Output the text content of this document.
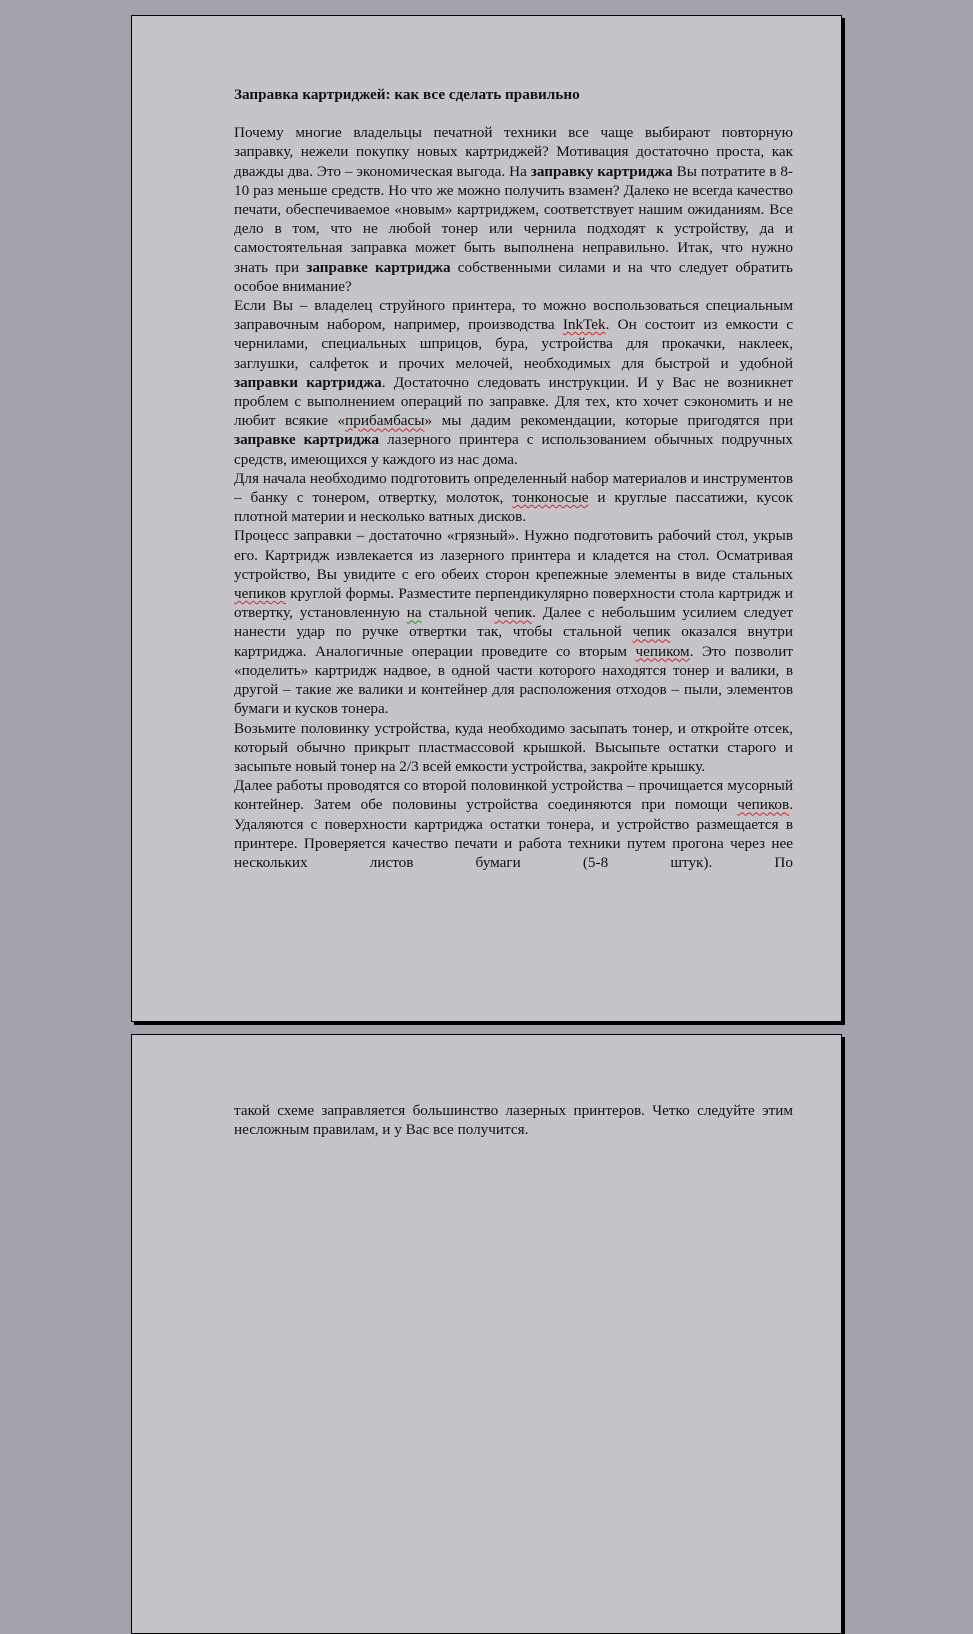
Заправка картриджей: как все сделать правильно

Почему многие владельцы печатной техники все чаще выбирают повторную заправку, нежели покупку новых картриджей? Мотивация достаточно проста, как дважды два. Это – экономическая выгода. На заправку картриджа Вы потратите в 8-10 раз меньше средств. Но что же можно получить взамен? Далеко не всегда качество печати, обеспечиваемое «новым» картриджем, соответствует нашим ожиданиям. Все дело в том, что не любой тонер или чернила подходят к устройству, да и самостоятельная заправка может быть выполнена неправильно. Итак, что нужно знать при заправке картриджа собственными силами и на что следует обратить особое внимание?

Если Вы – владелец струйного принтера, то можно воспользоваться специальным заправочным набором, например, производства InkTek. Он состоит из емкости с чернилами, специальных шприцов, бура, устройства для прокачки, наклеек, заглушки, салфеток и прочих мелочей, необходимых для быстрой и удобной заправки картриджа. Достаточно следовать инструкции. И у Вас не возникнет проблем с выполнением операций по заправке. Для тех, кто хочет сэкономить и не любит всякие «прибамбасы» мы дадим рекомендации, которые пригодятся при заправке картриджа лазерного принтера с использованием обычных подручных средств, имеющихся у каждого из нас дома.

Для начала необходимо подготовить определенный набор материалов и инструментов – банку с тонером, отвертку, молоток, тонконосые и круглые пассатижи, кусок плотной материи и несколько ватных дисков.

Процесс заправки – достаточно «грязный». Нужно подготовить рабочий стол, укрыв его. Картридж извлекается из лазерного принтера и кладется на стол. Осматривая устройство, Вы увидите с его обеих сторон крепежные элементы в виде стальных чепиков круглой формы. Разместите перпендикулярно поверхности стола картридж и отвертку, установленную на стальной чепик. Далее с небольшим усилием следует нанести удар по ручке отвертки так, чтобы стальной чепик оказался внутри картриджа. Аналогичные операции проведите со вторым чепиком. Это позволит «поделить» картридж надвое, в одной части которого находятся тонер и валики, в другой – такие же валики и контейнер для расположения отходов – пыли, элементов бумаги и кусков тонера.

Возьмите половинку устройства, куда необходимо засыпать тонер, и откройте отсек, который обычно прикрыт пластмассовой крышкой. Высыпьте остатки старого и засыпьте новый тонер на 2/3 всей емкости устройства, закройте крышку.

Далее работы проводятся со второй половинкой устройства – прочищается мусорный контейнер. Затем обе половины устройства соединяются при помощи чепиков. Удаляются с поверхности картриджа остатки тонера, и устройство размещается в принтере. Проверяется качество печати и работа техники путем прогона через нее нескольких листов бумаги (5-8 штук). По

такой схеме заправляется большинство лазерных принтеров. Четко следуйте этим несложным правилам, и у Вас все получится.
